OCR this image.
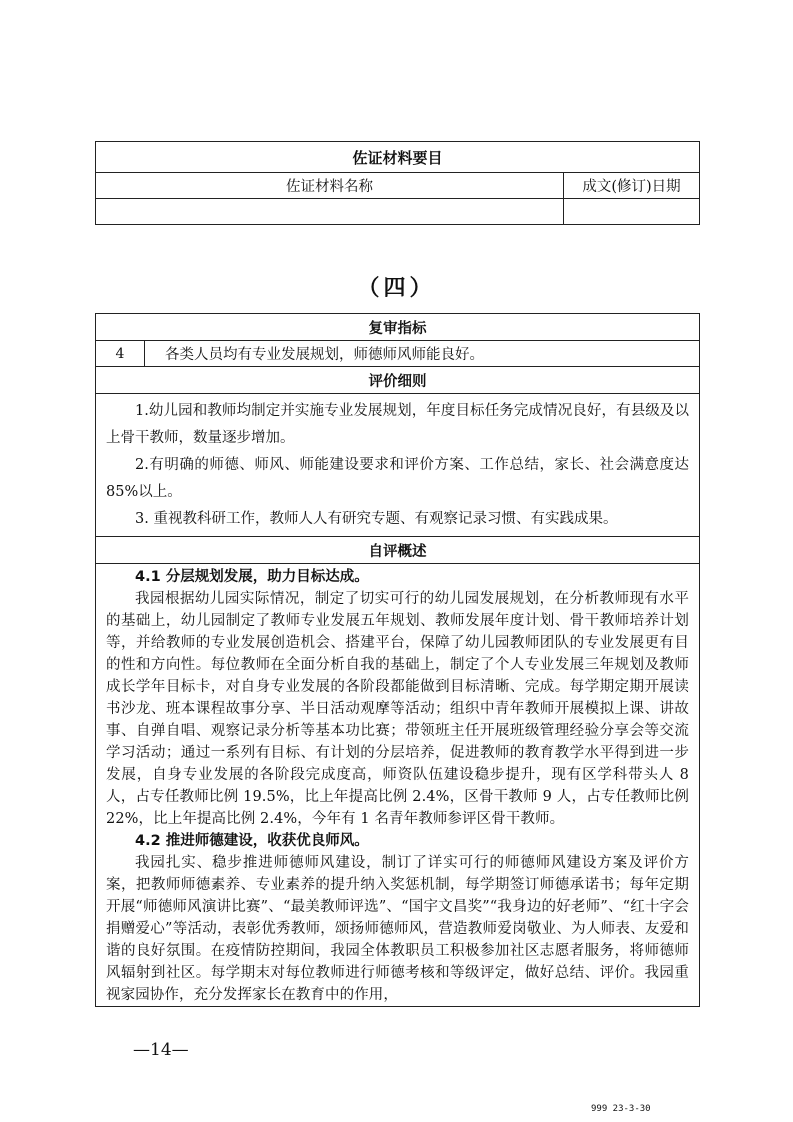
佐证材料要目	
佐证材料名称	成文(修订)日期

（四）
复审指标
4	各类人员均有专业发展规划，师德师风师能良好。
评价细则

1.幼儿园和教师均制定并实施专业发展规划，年度目标任务完成情况良好，有县级及以上骨干教师，数量逐步增加。

2.有明确的师德、师风、师能建设要求和评价方案、工作总结，家长、社会满意度达 85%以上。

3. 重视教科研工作，教师人人有研究专题、有观察记录习惯、有实践成果。

自评概述

4.1 分层规划发展，助力目标达成。

我园根据幼儿园实际情况，制定了切实可行的幼儿园发展规划，在分析教师现有水平的基础上，幼儿园制定了教师专业发展五年规划、教师发展年度计划、骨干教师培养计划等，并给教师的专业发展创造机会、搭建平台，保障了幼儿园教师团队的专业发展更有目的性和方向性。每位教师在全面分析自我的基础上，制定了个人专业发展三年规划及教师成长学年目标卡，对自身专业发展的各阶段都能做到目标清晰、完成。每学期定期开展读书沙龙、班本课程故事分享、半日活动观摩等活动；组织中青年教师开展模拟上课、讲故事、自弹自唱、观察记录分析等基本功比赛；带领班主任开展班级管理经验分享会等交流学习活动；通过一系列有目标、有计划的分层培养，促进教师的教育教学水平得到进一步发展，自身专业发展的各阶段完成度高，师资队伍建设稳步提升，现有区学科带头人 8 人，占专任教师比例 19.5%，比上年提高比例 2.4%，区骨干教师 9 人，占专任教师比例 22%，比上年提高比例 2.4%，今年有 1 名青年教师参评区骨干教师。

4.2 推进师德建设，收获优良师风。

我园扎实、稳步推进师德师风建设，制订了详实可行的师德师风建设方案及评价方案，把教师师德素养、专业素养的提升纳入奖惩机制，每学期签订师德承诺书；每年定期开展“师德师风演讲比赛”、“最美教师评选”、“国宇文昌奖”“我身边的好老师”、“红十字会捐赠爱心”等活动，表彰优秀教师，颂扬师德师风，营造教师爱岗敬业、为人师表、友爱和谐的良好氛围。在疫情防控期间，我园全体教职员工积极参加社区志愿者服务，将师德师风辐射到社区。每学期末对每位教师进行师德考核和等级评定，做好总结、评价。我园重视家园协作，充分发挥家长在教育中的作用，

—14—
999 23-3-30
